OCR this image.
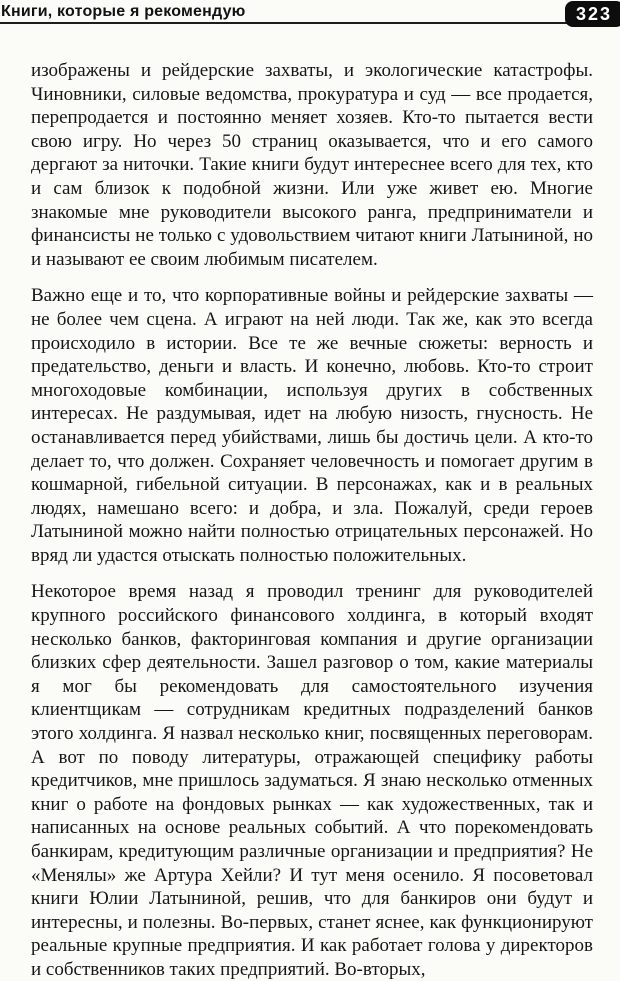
Книги, которые я рекомендую	323

изображены и рейдерские захваты, и экологические катастрофы. Чиновники, силовые ведомства, прокуратура и суд — все продается, перепродается и постоянно меняет хозяев. Кто-то пытается вести свою игру. Но через 50 страниц оказывается, что и его самого дергают за ниточки. Такие книги будут интереснее всего для тех, кто и сам близок к подобной жизни. Или уже живет ею. Многие знакомые мне руководители высокого ранга, предприниматели и финансисты не только с удовольствием читают книги Латыниной, но и называют ее своим любимым писателем.

Важно еще и то, что корпоративные войны и рейдерские захваты — не более чем сцена. А играют на ней люди. Так же, как это всегда происходило в истории. Все те же вечные сюжеты: верность и предательство, деньги и власть. И конечно, любовь. Кто-то строит многоходовые комбинации, используя других в собственных интересах. Не раздумывая, идет на любую низость, гнусность. Не останавливается перед убийствами, лишь бы достичь цели. А кто-то делает то, что должен. Сохраняет человечность и помогает другим в кошмарной, гибельной ситуации. В персонажах, как и в реальных людях, намешано всего: и добра, и зла. Пожалуй, среди героев Латыниной можно найти полностью отрицательных персонажей. Но вряд ли удастся отыскать полностью положительных.

Некоторое время назад я проводил тренинг для руководителей крупного российского финансового холдинга, в который входят несколько банков, факторинговая компания и другие организации близких сфер деятельности. Зашел разговор о том, какие материалы я мог бы рекомендовать для самостоятельного изучения клиентщикам — сотрудникам кредитных подразделений банков этого холдинга. Я назвал несколько книг, посвященных переговорам. А вот по поводу литературы, отражающей специфику работы кредитчиков, мне пришлось задуматься. Я знаю несколько отменных книг о работе на фондовых рынках — как художественных, так и написанных на основе реальных событий. А что порекомендовать банкирам, кредитующим различные организации и предприятия? Не «Менялы» же Артура Хейли? И тут меня осенило. Я посоветовал книги Юлии Латыниной, решив, что для банкиров они будут и интересны, и полезны. Во-первых, станет яснее, как функционируют реальные крупные предприятия. И как работает голова у директоров и собственников таких предприятий. Во-вторых,
